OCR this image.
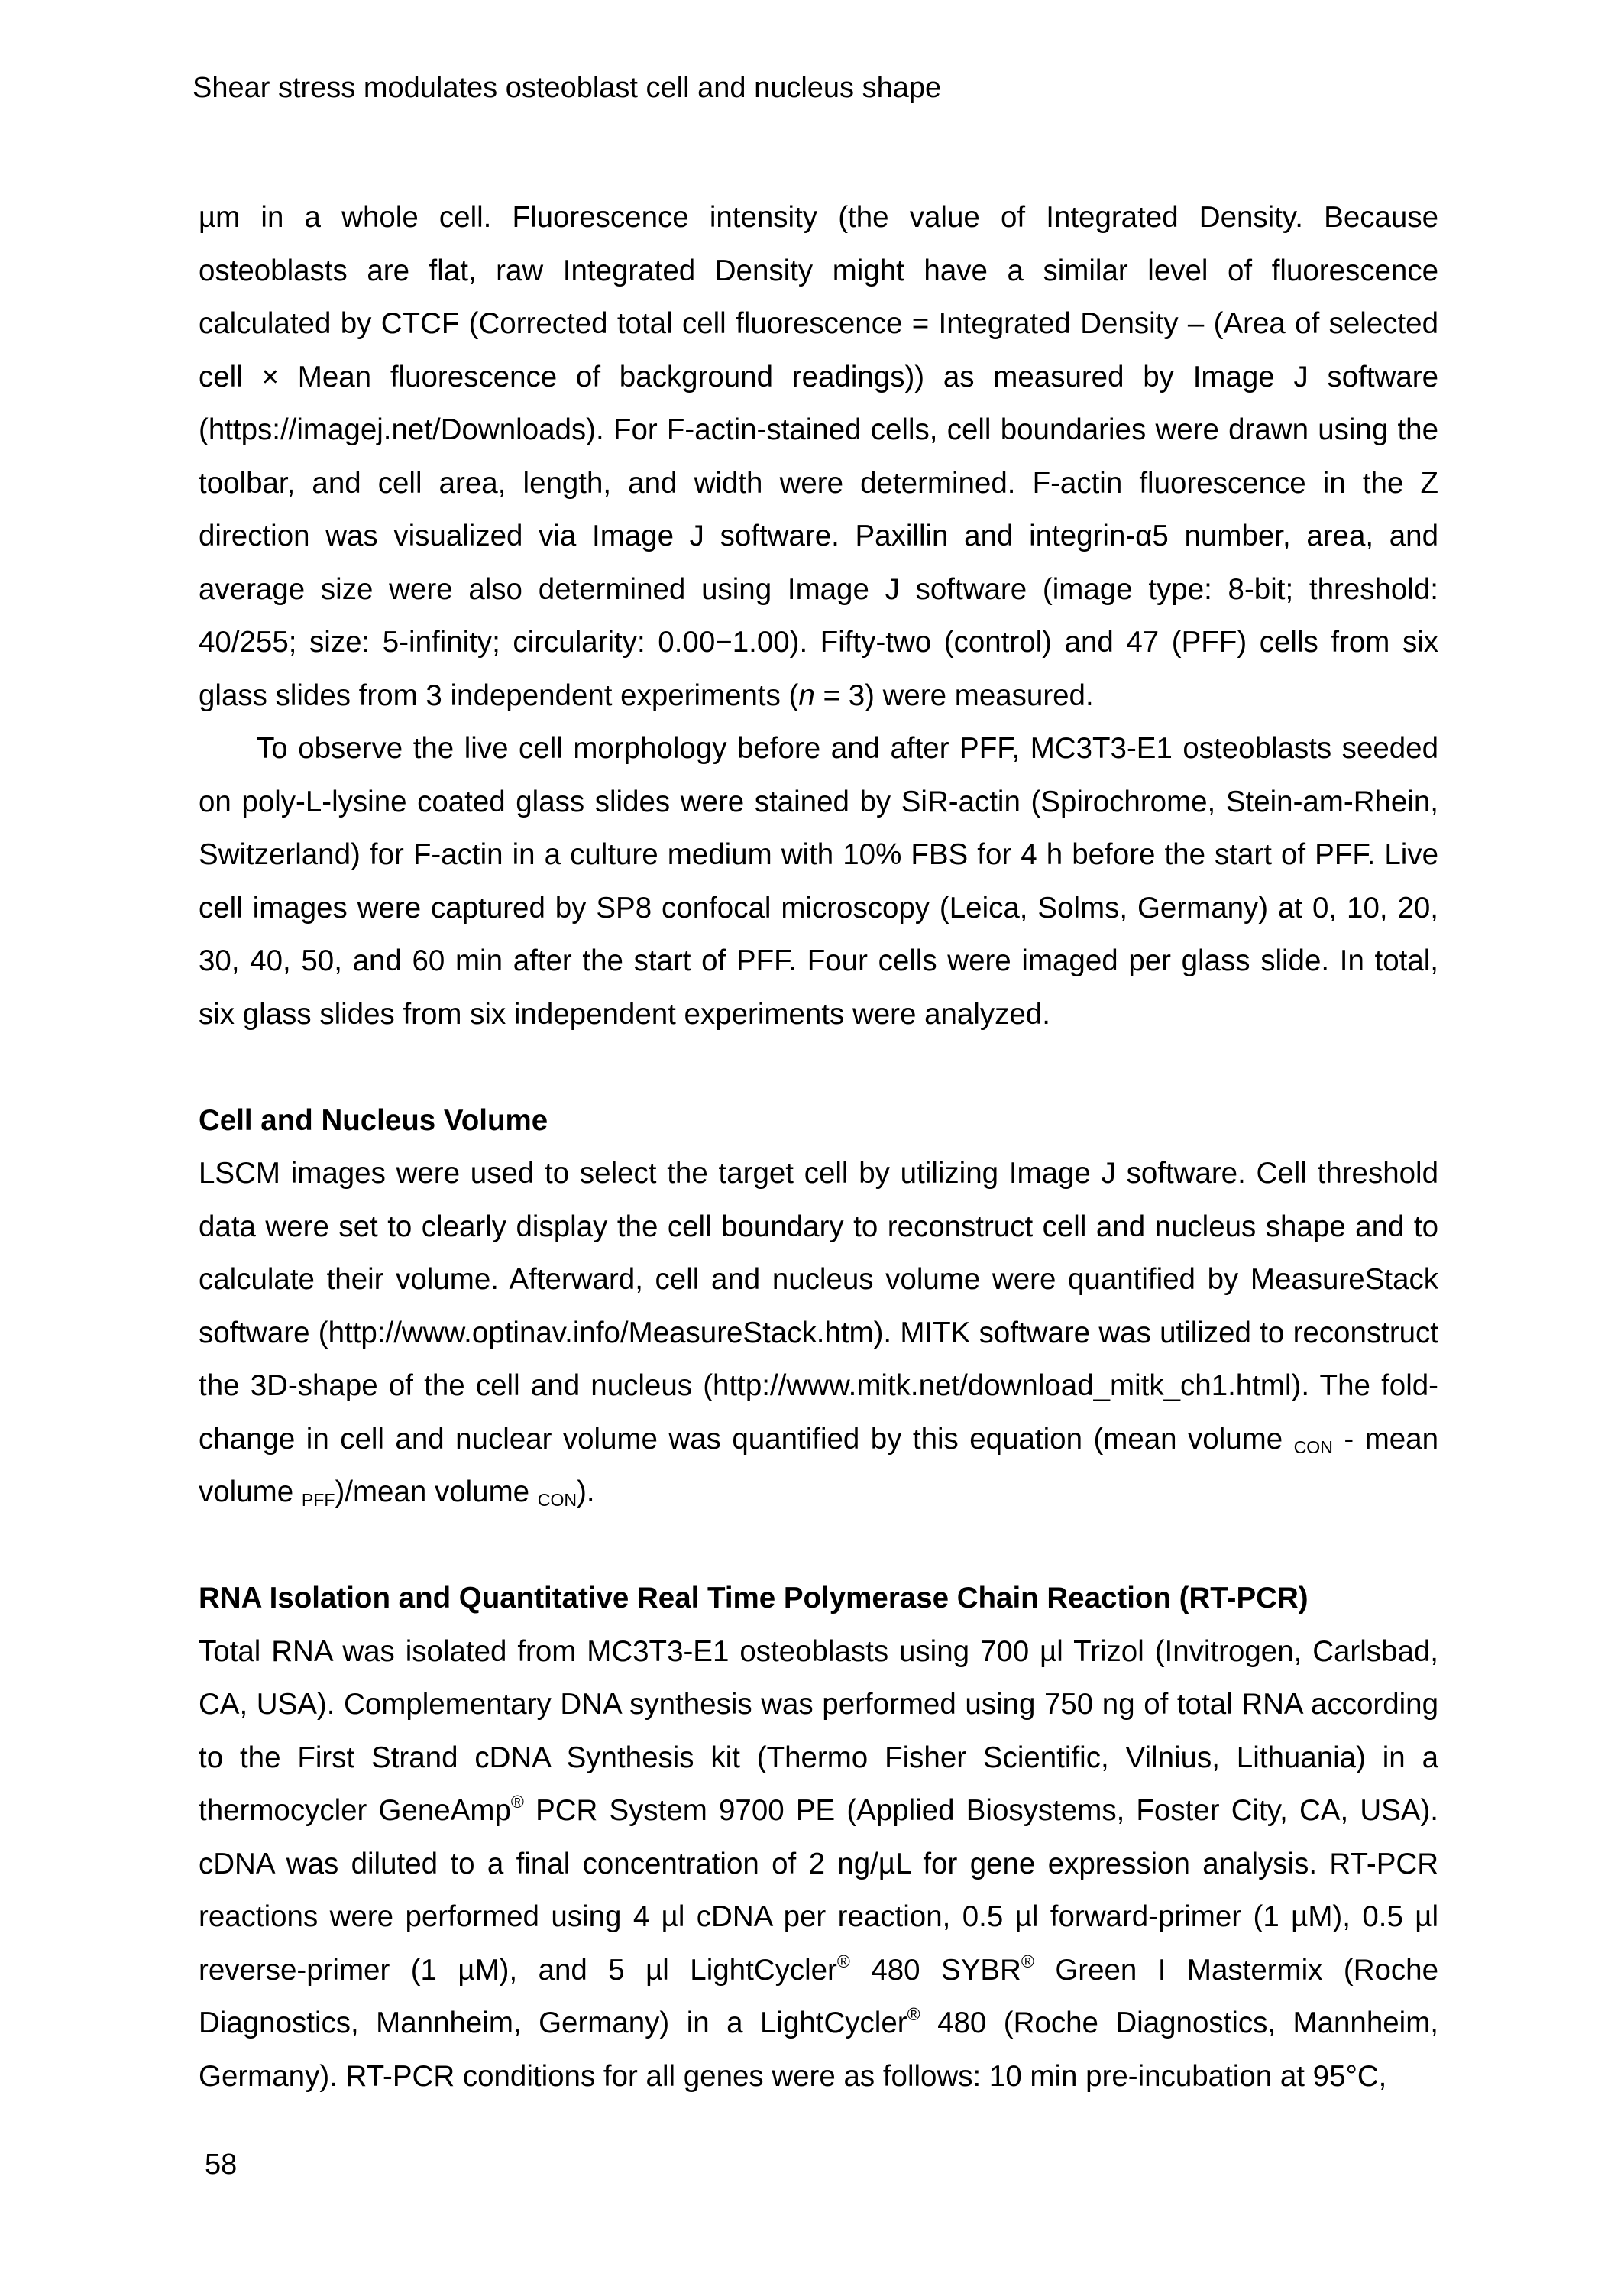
Shear stress modulates osteoblast cell and nucleus shape

µm in a whole cell. Fluorescence intensity (the value of Integrated Density. Because osteoblasts are flat, raw Integrated Density might have a similar level of fluorescence calculated by CTCF (Corrected total cell fluorescence = Integrated Density – (Area of selected cell × Mean fluorescence of background readings)) as measured by Image J software (https://imagej.net/Downloads). For F-actin-stained cells, cell boundaries were drawn using the toolbar, and cell area, length, and width were determined. F-actin fluorescence in the Z direction was visualized via Image J software. Paxillin and integrin-α5 number, area, and average size were also determined using Image J software (image type: 8-bit; threshold: 40/255; size: 5-infinity; circularity: 0.00−1.00). Fifty-two (control) and 47 (PFF) cells from six glass slides from 3 independent experiments (n = 3) were measured.

To observe the live cell morphology before and after PFF, MC3T3-E1 osteoblasts seeded on poly-L-lysine coated glass slides were stained by SiR-actin (Spirochrome, Stein-am-Rhein, Switzerland) for F-actin in a culture medium with 10% FBS for 4 h before the start of PFF. Live cell images were captured by SP8 confocal microscopy (Leica, Solms, Germany) at 0, 10, 20, 30, 40, 50, and 60 min after the start of PFF. Four cells were imaged per glass slide. In total, six glass slides from six independent experiments were analyzed.

Cell and Nucleus Volume

LSCM images were used to select the target cell by utilizing Image J software. Cell threshold data were set to clearly display the cell boundary to reconstruct cell and nucleus shape and to calculate their volume. Afterward, cell and nucleus volume were quantified by MeasureStack software (http://www.optinav.info/MeasureStack.htm). MITK software was utilized to reconstruct the 3D-shape of the cell and nucleus (http://www.mitk.net/download_mitk_ch1.html). The fold-change in cell and nuclear volume was quantified by this equation (mean volume $_{CON}$ - mean volume $_{PFF}$)/mean volume $_{CON}$).

RNA Isolation and Quantitative Real Time Polymerase Chain Reaction (RT-PCR)

Total RNA was isolated from MC3T3-E1 osteoblasts using 700 µl Trizol (Invitrogen, Carlsbad, CA, USA). Complementary DNA synthesis was performed using 750 ng of total RNA according to the First Strand cDNA Synthesis kit (Thermo Fisher Scientific, Vilnius, Lithuania) in a thermocycler GeneAmp® PCR System 9700 PE (Applied Biosystems, Foster City, CA, USA). cDNA was diluted to a final concentration of 2 ng/µL for gene expression analysis. RT-PCR reactions were performed using 4 µl cDNA per reaction, 0.5 µl forward-primer (1 µM), 0.5 µl reverse-primer (1 µM), and 5 µl LightCycler® 480 SYBR® Green I Mastermix (Roche Diagnostics, Mannheim, Germany) in a LightCycler® 480 (Roche Diagnostics, Mannheim, Germany). RT-PCR conditions for all genes were as follows: 10 min pre-incubation at 95°C,

58
